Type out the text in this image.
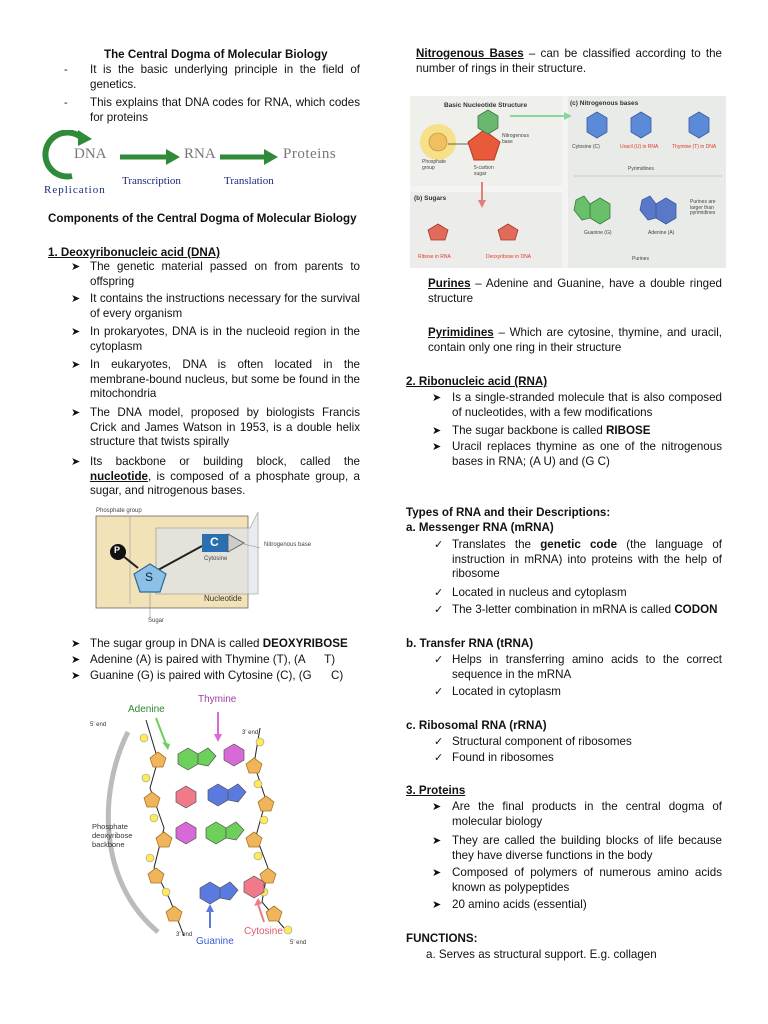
The Central Dogma of Molecular Biology
- It is the basic underlying principle in the field of genetics.
- This explains that DNA codes for RNA, which codes for proteins
DNA	RNA	Proteins
Replication
Transcription	Translation
Components of the Central Dogma of Molecular Biology
1. Deoxyribonucleic acid (DNA)
➤ The genetic material passed on from parents to offspring
➤ It contains the instructions necessary for the survival of every organism
➤ In prokaryotes, DNA is in the nucleoid region in the cytoplasm
➤ In eukaryotes, DNA is often located in the membrane-bound nucleus, but some be found in the mitochondria
➤ The DNA model, proposed by biologists Francis Crick and James Watson in 1953, is a double helix structure that twists spirally
➤ Its backbone or building block, called the nucleotide, is composed of a phosphate group, a sugar, and nitrogenous bases.
Phosphate group
P
S
C
Cytosine
Nitrogenous base
Nucleotide
Sugar
➤ The sugar group in DNA is called DEOXYRIBOSE
➤ Adenine (A) is paired with Thymine (T), (A      T)
➤ Guanine (G) is paired with Cytosine (C), (G      C)
Adenine
Thymine
5' end
3' end
Phosphate deoxyribose backbone
3' end
Guanine
Cytosine
5' end
Nitrogenous Bases – can be classified according to the number of rings in their structure.
Basic Nucleotide Structure	(c) Nitrogenous bases
Phosphate group
Nitrogenous base
5-carbon sugar
(b) Sugars
Ribose in RNA	Deoxyribose in DNA
Cytosine (C)	Uracil (U) in RNA	Thymine (T) in DNA
Pyrimidines
Guanine (G)	Adenine (A)
Purines
Purines are larger than pyrimidines
Purines – Adenine and Guanine, have a double ringed structure
Pyrimidines – Which are cytosine, thymine, and uracil, contain only one ring in their structure
2. Ribonucleic acid (RNA)
➤ Is a single-stranded molecule that is also composed of nucleotides, with a few modifications
➤ The sugar backbone is called RIBOSE
➤ Uracil replaces thymine as one of the nitrogenous bases in RNA; (A U) and (G C)
Types of RNA and their Descriptions:
a. Messenger RNA (mRNA)
✓ Translates the genetic code (the language of instruction in mRNA) into proteins with the help of ribosome
✓ Located in nucleus and cytoplasm
✓ The 3-letter combination in mRNA is called CODON
b. Transfer RNA (tRNA)
✓ Helps in transferring amino acids to the correct sequence in the mRNA
✓ Located in cytoplasm
c. Ribosomal RNA (rRNA)
✓ Structural component of ribosomes
✓ Found in ribosomes
3. Proteins
➤ Are the final products in the central dogma of molecular biology
➤ They are called the building blocks of life because they have diverse functions in the body
➤ Composed of polymers of numerous amino acids known as polypeptides
➤ 20 amino acids (essential)
FUNCTIONS:
a. Serves as structural support. E.g. collagen
